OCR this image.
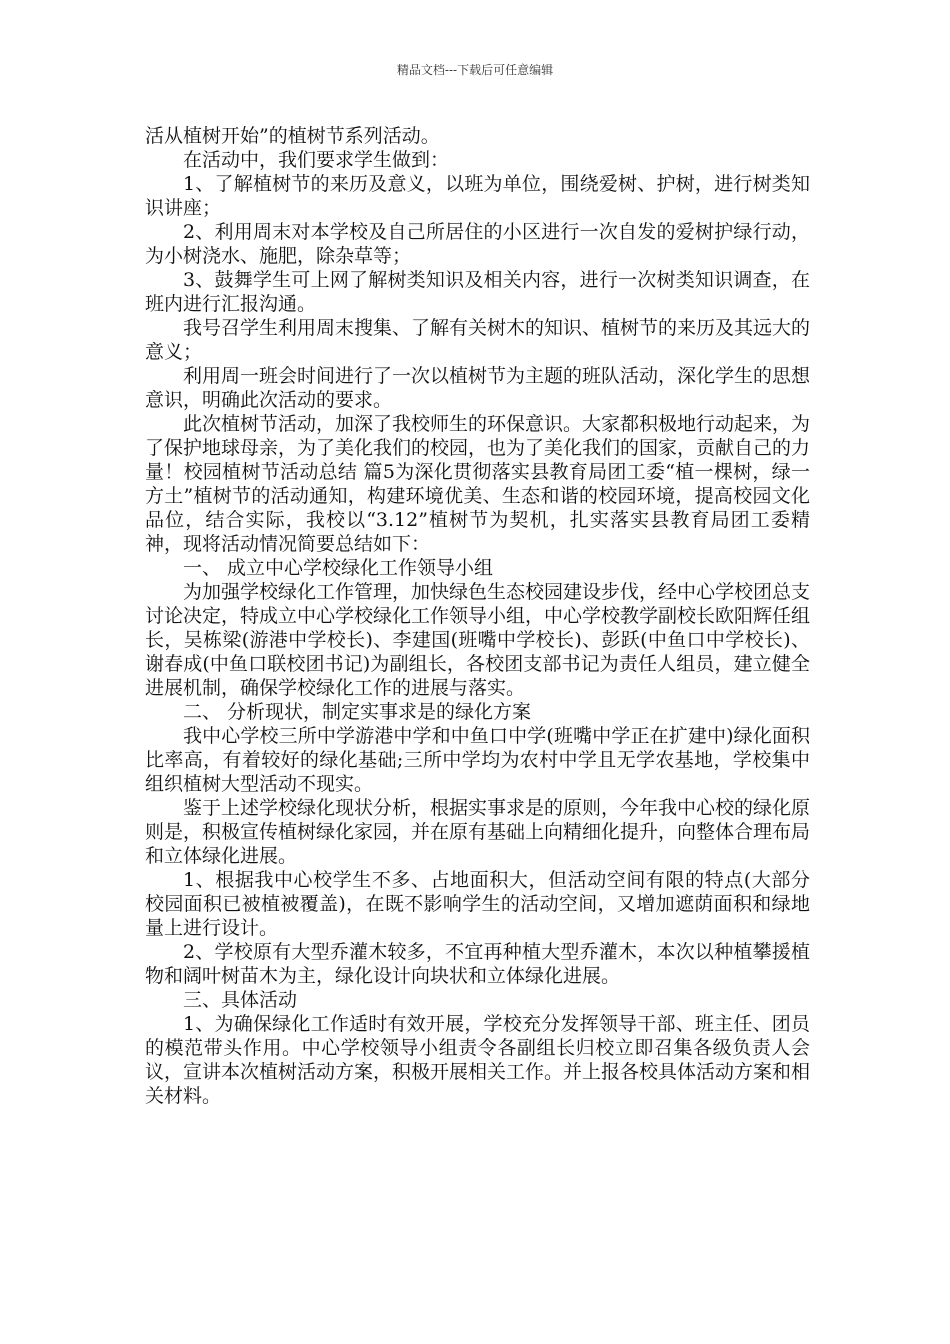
精品文档---下载后可任意编辑

活从植树开始”的植树节系列活动。

在活动中，我们要求学生做到：

1、了解植树节的来历及意义，以班为单位，围绕爱树、护树，进行树类知识讲座；

2、利用周末对本学校及自己所居住的小区进行一次自发的爱树护绿行动，为小树浇水、施肥，除杂草等；

3、鼓舞学生可上网了解树类知识及相关内容，进行一次树类知识调查，在班内进行汇报沟通。

我号召学生利用周末搜集、了解有关树木的知识、植树节的来历及其远大的意义；

利用周一班会时间进行了一次以植树节为主题的班队活动，深化学生的思想意识，明确此次活动的要求。

此次植树节活动，加深了我校师生的环保意识。大家都积极地行动起来，为了保护地球母亲，为了美化我们的校园，也为了美化我们的国家，贡献自己的力量！校园植树节活动总结 篇5为深化贯彻落实县教育局团工委“植一棵树，绿一方土”植树节的活动通知，构建环境优美、生态和谐的校园环境，提高校园文化品位，结合实际，我校以“3.12”植树节为契机，扎实落实县教育局团工委精神，现将活动情况简要总结如下：

一、 成立中心学校绿化工作领导小组

为加强学校绿化工作管理，加快绿色生态校园建设步伐，经中心学校团总支讨论决定，特成立中心学校绿化工作领导小组，中心学校教学副校长欧阳辉任组长，吴栋梁(游港中学校长)、李建国(班嘴中学校长)、彭跃(中鱼口中学校长)、谢春成(中鱼口联校团书记)为副组长，各校团支部书记为责任人组员，建立健全进展机制，确保学校绿化工作的进展与落实。

二、 分析现状，制定实事求是的绿化方案

我中心学校三所中学游港中学和中鱼口中学(班嘴中学正在扩建中)绿化面积比率高，有着较好的绿化基础;三所中学均为农村中学且无学农基地，学校集中组织植树大型活动不现实。

鉴于上述学校绿化现状分析，根据实事求是的原则，今年我中心校的绿化原则是，积极宣传植树绿化家园，并在原有基础上向精细化提升，向整体合理布局和立体绿化进展。

1、根据我中心校学生不多、占地面积大，但活动空间有限的特点(大部分校园面积已被植被覆盖)，在既不影响学生的活动空间，又增加遮荫面积和绿地量上进行设计。

2、学校原有大型乔灌木较多，不宜再种植大型乔灌木，本次以种植攀援植物和阔叶树苗木为主，绿化设计向块状和立体绿化进展。

三、具体活动

1、为确保绿化工作适时有效开展，学校充分发挥领导干部、班主任、团员的模范带头作用。中心学校领导小组责令各副组长归校立即召集各级负责人会议，宣讲本次植树活动方案，积极开展相关工作。并上报各校具体活动方案和相关材料。
